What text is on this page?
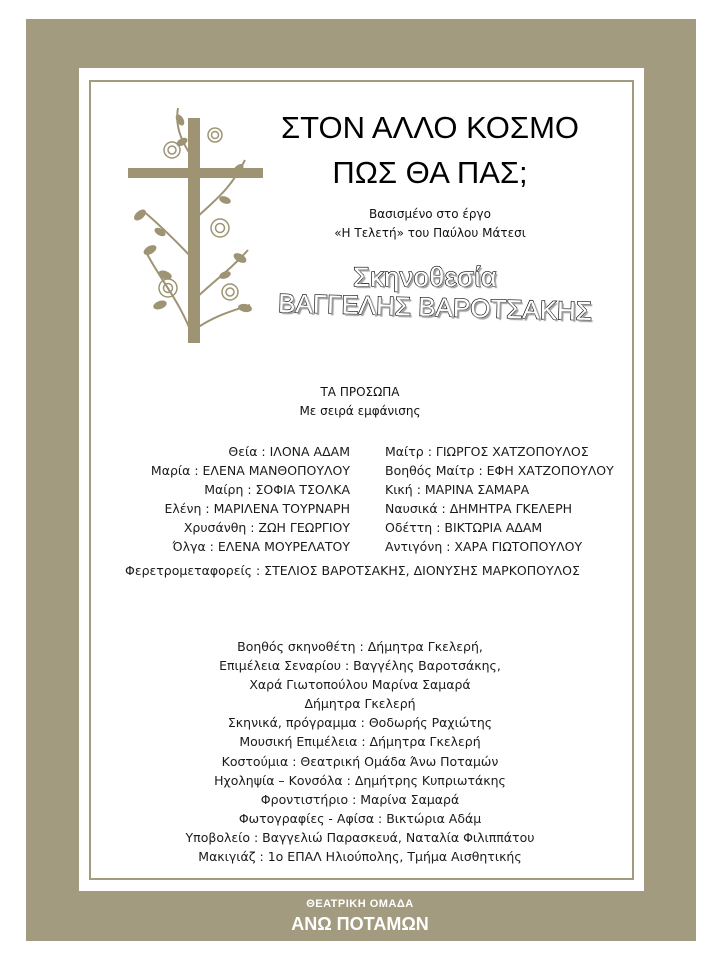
ΣΤΟΝ ΑΛΛΟ ΚΟΣΜΟ
ΠΩΣ ΘΑ ΠΑΣ;
Βασισμένο στο έργο
«Η Τελετή» του Παύλου Μάτεσι
Σκηνοθεσία
ΒΑΓΓΕΛΗΣ ΒΑΡΟΤΣΑΚΗΣ
ΤΑ ΠΡΟΣΩΠΑ
Με σειρά εμφάνισης
Θεία : ΙΛΟΝΑ ΑΔΑΜ
Μαρία : ΕΛΕΝΑ ΜΑΝΘΟΠΟΥΛΟΥ
Μαίρη : ΣΟΦΙΑ ΤΣΟΛΚΑ
Ελένη : ΜΑΡΙΛΕΝΑ ΤΟΥΡΝΑΡΗ
Χρυσάνθη : ΖΩΗ ΓΕΩΡΓΙΟΥ
Όλγα : ΕΛΕΝΑ ΜΟΥΡΕΛΑΤΟΥ
Μαίτρ : ΓΙΩΡΓΟΣ ΧΑΤΖΟΠΟΥΛΟΣ
Βοηθός Μαίτρ : ΕΦΗ ΧΑΤΖΟΠΟΥΛΟΥ
Κική : ΜΑΡΙΝΑ ΣΑΜΑΡΑ
Ναυσικά : ΔΗΜΗΤΡΑ ΓΚΕΛΕΡΗ
Οδέττη : ΒΙΚΤΩΡΙΑ ΑΔΑΜ
Αντιγόνη : ΧΑΡΑ ΓΙΩΤΟΠΟΥΛΟΥ
Φερετρομεταφορείς : ΣΤΕΛΙΟΣ ΒΑΡΟΤΣΑΚΗΣ, ΔΙΟΝΥΣΗΣ ΜΑΡΚΟΠΟΥΛΟΣ
Βοηθός σκηνοθέτη : Δήμητρα Γκελερή,
Επιμέλεια Σεναρίου : Βαγγέλης Βαροτσάκης,
Χαρά Γιωτοπούλου Μαρίνα Σαμαρά
Δήμητρα Γκελερή
Σκηνικά, πρόγραμμα : Θοδωρής Ραχιώτης
Μουσική Επιμέλεια : Δήμητρα Γκελερή
Κοστούμια : Θεατρική Ομάδα Άνω Ποταμών
Ηχοληψία – Κονσόλα : Δημήτρης Κυπριωτάκης
Φροντιστήριο : Μαρίνα Σαμαρά
Φωτογραφίες - Αφίσα : Βικτώρια Αδάμ
Υποβολείο : Βαγγελιώ Παρασκευά, Ναταλία Φιλιππάτου
Μακιγιάζ : 1ο ΕΠΑΛ Ηλιούπολης, Τμήμα Αισθητικής
ΘΕΑΤΡΙΚΗ ΟΜΑΔΑ
ΑΝΩ ΠΟΤΑΜΩΝ
